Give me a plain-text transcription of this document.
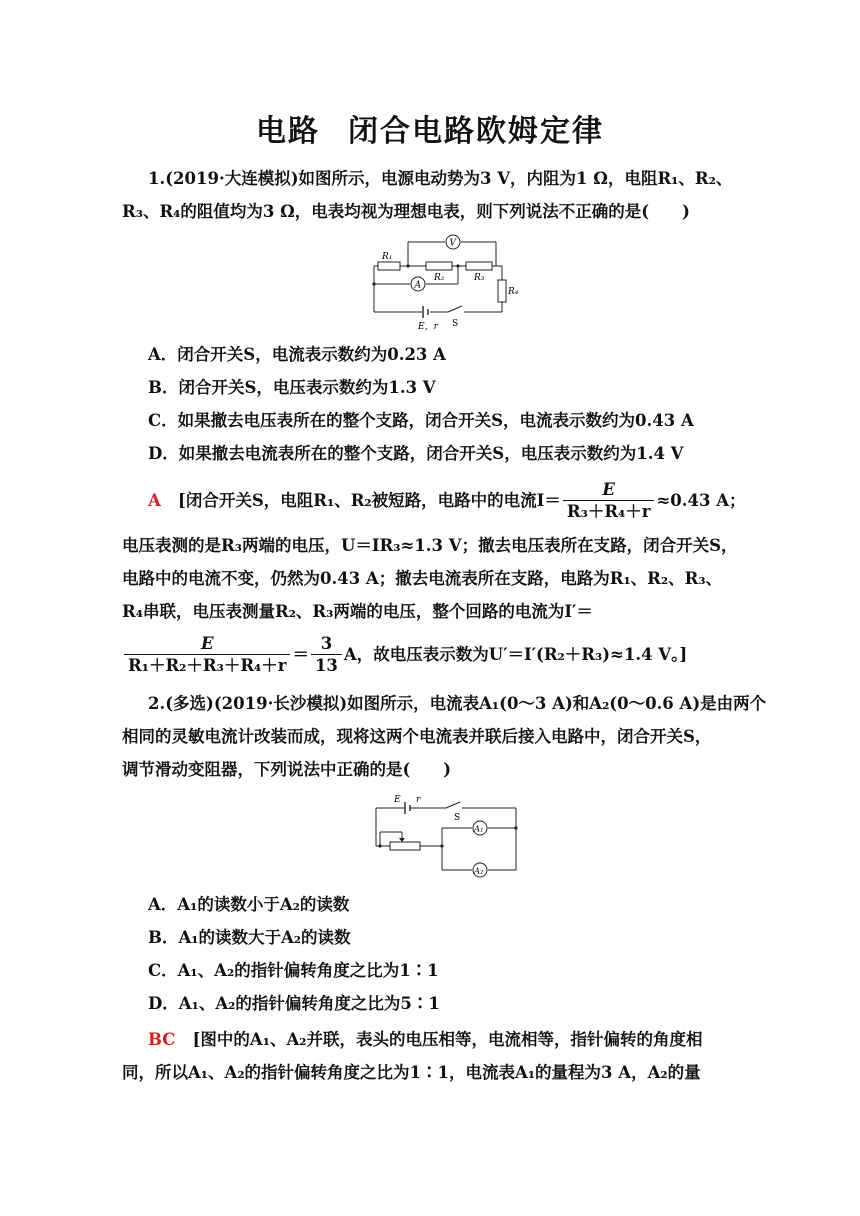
电路 闭合电路欧姆定律
1.(2019·大连模拟)如图所示，电源电动势为3 V，内阻为1 Ω，电阻R₁、R₂、
R₃、R₄的阻值均为3 Ω，电表均视为理想电表，则下列说法不正确的是(　　)
V
A
R₁
R₂	R₃
R₄
E，r S
A．闭合开关S，电流表示数约为0.23 A
B．闭合开关S，电压表示数约为1.3 V
C．如果撤去电压表所在的整个支路，闭合开关S，电流表示数约为0.43 A
D．如果撤去电流表所在的整个支路，闭合开关S，电压表示数约为1.4 V
A [闭合开关S，电阻R₁、R₂被短路，电路中的电流$I= \frac{E}{\text{R₃＋R₄＋r}} \approx 0.43$ A；
电压表测的是R₃两端的电压，U＝IR₃≈1.3 V；撤去电压表所在支路，闭合开关S，
电路中的电流不变，仍然为0.43 A；撤去电流表所在支路，电路为R₁、R₂、R₃、
R₄串联，电压表测量R₂、R₃两端的电压，整个回路的电流为I′＝
$\frac{E}{\text{R₁＋R₂＋R₃＋R₄＋r}} = \frac{3}{13}$ A，故电压表示数为U′＝I′(R₂＋R₃)≈1.4 V。]
2.(多选)(2019·长沙模拟)如图所示，电流表A₁(0～3 A)和A₂(0～0.6 A)是由两个
相同的灵敏电流计改装而成，现将这两个电流表并联后接入电路中，闭合开关S，
调节滑动变阻器，下列说法中正确的是(　　)
E r
S
A₁
A₂
A．A₁的读数小于A₂的读数
B．A₁的读数大于A₂的读数
C．A₁、A₂的指针偏转角度之比为1∶1
D．A₁、A₂的指针偏转角度之比为5∶1
BC [图中的A₁、A₂并联，表头的电压相等，电流相等，指针偏转的角度相
同，所以A₁、A₂的指针偏转角度之比为1∶1，电流表A₁的量程为3 A，A₂的量
